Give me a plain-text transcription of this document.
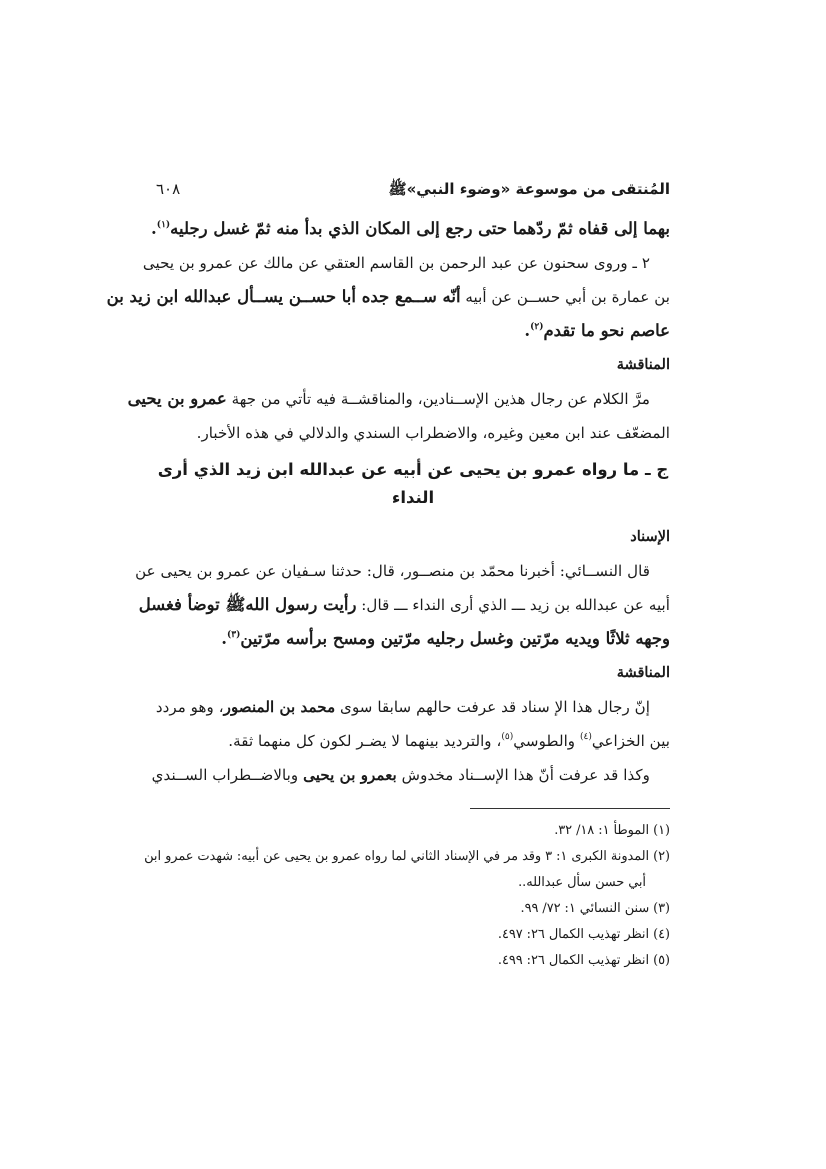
المُنتقى من موسوعة «وضوء النبي»ﷺ
٦٠٨
بهما إلى قفاه ثمّ ردّهما حتى رجع إلى المكان الذي بدأ منه ثمّ غسل رجليه$^{(١)}$.
٢ ـ وروى سحنون عن عبد الرحمن بن القاسم العتقي عن مالك عن عمرو بن يحيى
بن عمارة بن أبي حســن عن أبيه أنّه ســمع جده أبا حســن يســأل عبدالله ابن زيد بن
عاصم نحو ما تقدم$^{(٢)}$.
المناقشة
مرَّ الكلام عن رجال هذين الإســنادين، والمناقشــة فيه تأتي من جهة عمرو بن يحيى
المضعّف عند ابن معين وغيره، والاضطراب السندي والدلالي في هذه الأخبار.
ج ـ ما رواه عمرو بن يحيى عن أبيه عن عبدالله ابن زيد الذي أرى النداء
الإسناد
قال النســائي: أخبرنا محمّد بن منصــور، قال: حدثنا سـفيان عن عمرو بن يحيى عن
أبيه عن عبدالله بن زيد ـــ الذي أرى النداء ـــ قال: رأيت رسول اللهﷺ توضأ فغسل
وجهه ثلاثًا ويديه مرّتين وغسل رجليه مرّتين ومسح برأسه مرّتين$^{(٣)}$.
المناقشة
إنّ رجال هذا الإ سناد قد عرفت حالهم سابقا سوى محمد بن المنصور، وهو مردد
بين الخزاعي$^{(٤)}$ والطوسي$^{(٥)}$، والترديد بينهما لا يضـر لكون كل منهما ثقة.
وكذا قد عرفت أنّ هذا الإســناد مخدوش بعمرو بن يحيى وبالاضــطراب الســندي
(١) الموطأ ١: ١٨/ ٣٢.
(٢) المدونة الكبرى ١: ٣ وقد مر في الإسناد الثاني لما رواه عمرو بن يحيى عن أبيه: شهدت عمرو ابن
أبي حسن سأل عبدالله..
(٣) سنن النسائي ١: ٧٢/ ٩٩.
(٤) انظر تهذيب الكمال ٢٦: ٤٩٧.
(٥) انظر تهذيب الكمال ٢٦: ٤٩٩.
